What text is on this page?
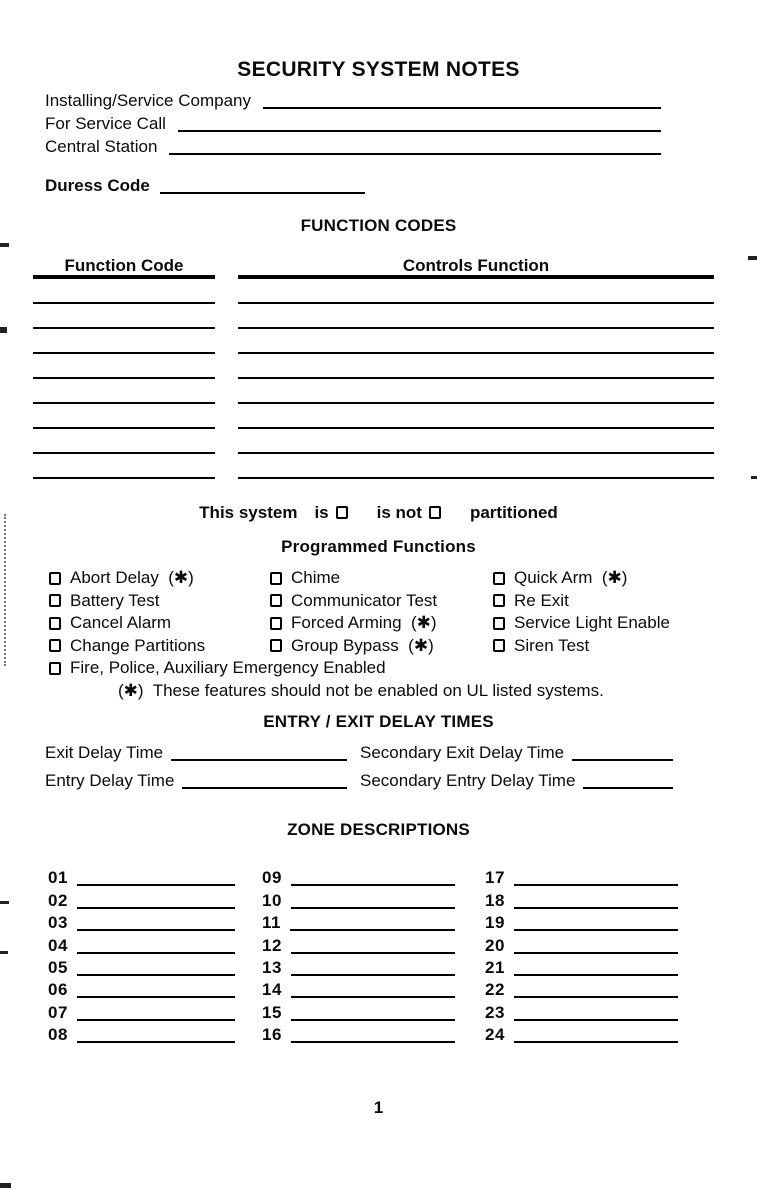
SECURITY SYSTEM NOTES
Installing/Service Company
For Service Call
Central Station
Duress Code
FUNCTION CODES
Function Code	Controls Function
This system is	is not	partitioned
Programmed Functions
Abort Delay  (✱)
Battery Test
Cancel Alarm
Change Partitions
Chime
Communicator Test
Forced Arming  (✱)
Group Bypass  (✱)
Quick Arm  (✱)
Re Exit
Service Light Enable
Siren Test
Fire, Police, Auxiliary Emergency Enabled
(✱)  These features should not be enabled on UL listed systems.
ENTRY / EXIT DELAY TIMES
Exit Delay Time	Secondary Exit Delay Time
Entry Delay Time	Secondary Entry Delay Time
ZONE DESCRIPTIONS
01
02
03
04
05
06
07
08
09
10
11
12
13
14
15
16
17
18
19
20
21
22
23
24
1
